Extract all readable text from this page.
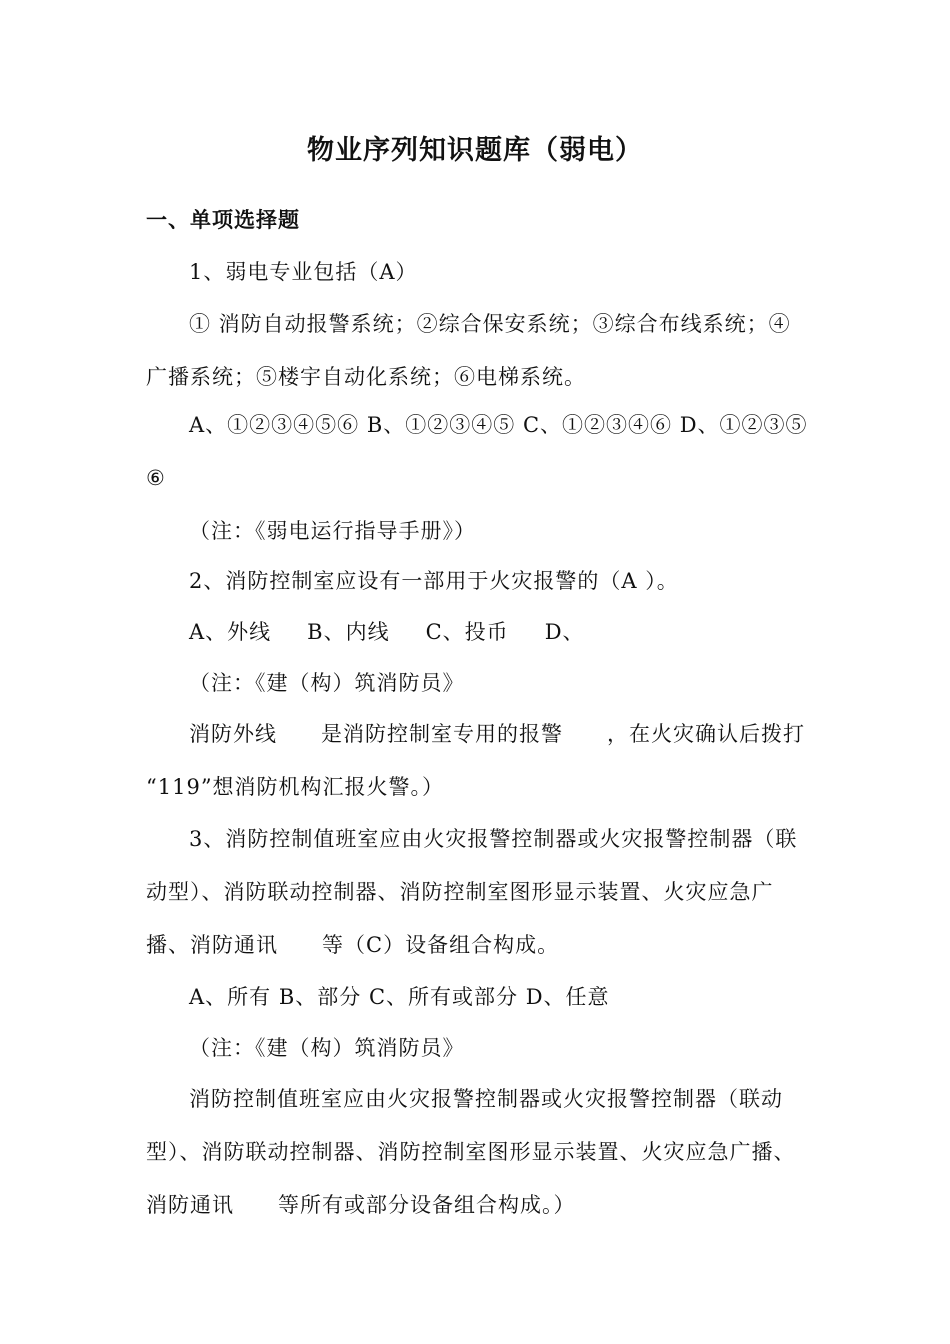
物业序列知识题库（弱电）
一、单项选择题
1、弱电专业包括（A）
① 消防自动报警系统；②综合保安系统；③综合布线系统；④
广播系统；⑤楼宇自动化系统；⑥电梯系统。
A、①②③④⑤⑥ B、①②③④⑤ C、①②③④⑥ D、①②③⑤
⑥
（注：《弱电运行指导手册》）
2、消防控制室应设有一部用于火灾报警的（A ）。
A、外线 B、内线 C、投币 D、
（注：《建（构）筑消防员》
消防外线 是消防控制室专用的报警 ，在火灾确认后拨打
“119”想消防机构汇报火警。）
3、消防控制值班室应由火灾报警控制器或火灾报警控制器（联
动型）、消防联动控制器、消防控制室图形显示装置、火灾应急广
播、消防通讯 等（C）设备组合构成。
A、所有 B、部分 C、所有或部分 D、任意
（注：《建（构）筑消防员》
消防控制值班室应由火灾报警控制器或火灾报警控制器（联动
型）、消防联动控制器、消防控制室图形显示装置、火灾应急广播、
消防通讯 等所有或部分设备组合构成。）
